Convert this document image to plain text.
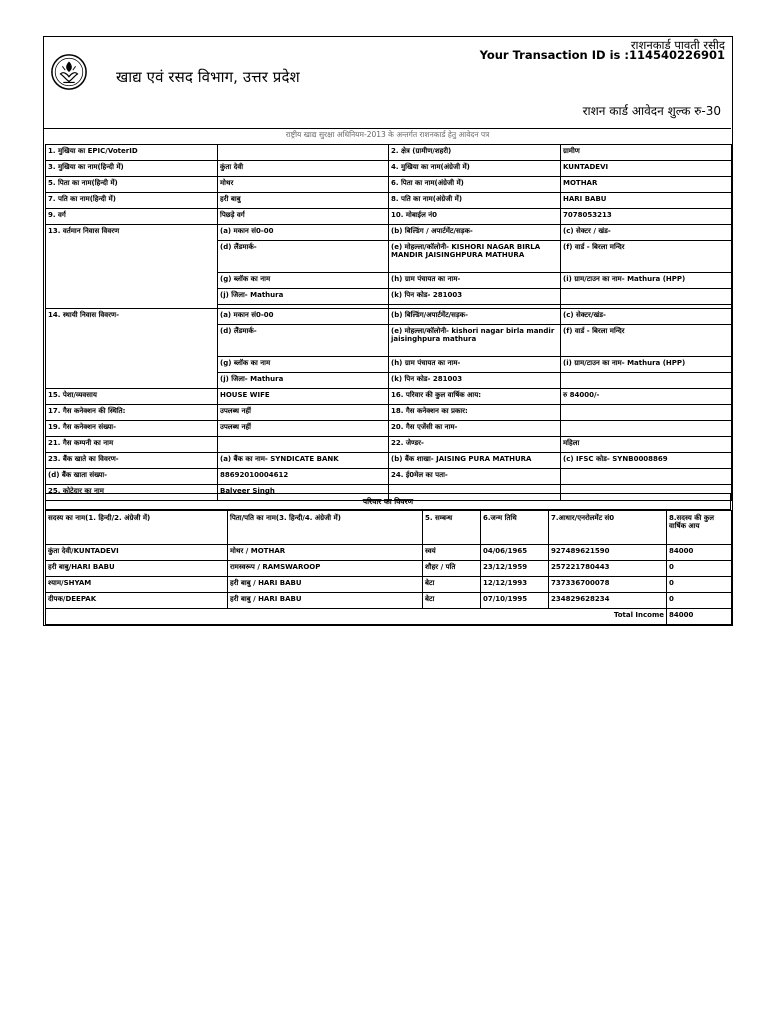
खाद्य एवं रसद विभाग, उत्तर प्रदेश
राशनकार्ड पावती रसीद
Your Transaction ID is :114540226901
राशन कार्ड आवेदन शुल्क रु-30
राष्ट्रीय खाद्य सुरक्षा अधिनियम-2013 के अन्तर्गत राशनकार्ड हेतु आवेदन पत्र
1. मुखिया का EPIC/VoterID		2. क्षेत्र (ग्रामीण/शहरी)	ग्रामीण
3. मुखिया का नाम(हिन्दी में)	कुंता देवी	4. मुखिया का नाम(अंग्रेजी में)	KUNTADEVI
5. पिता का नाम(हिन्दी में)	मोथर	6. पिता का नाम(अंग्रेजी में)	MOTHAR
7. पति का नाम(हिन्दी में)	हरी बाबु	8. पति का नाम(अंग्रेजी में)	HARI BABU
9. वर्ग	पिछड़े वर्ग	10. मोबाईल नं0	7078053213
13. वर्तमान निवास विवरण	(a) मकान सं0-00	(b) बिल्डिंग / अपार्टमेंट/सड़क-	(c) सेक्टर / खंड-
	(d) लैंडमार्क-	(e) मोहल्ला/कॉलोनी- KISHORI NAGAR BIRLA MANDIR JAISINGHPURA MATHURA	(f) वार्ड - बिरला मन्दिर
	(g) ब्लॉक का नाम	(h) ग्राम पंचायत का नाम-	(i) ग्राम/टाउन का नाम- Mathura (HPP)
	(j) जिला- Mathura	(k) पिन कोड- 281003	

14. स्थायी निवास विवरण-	(a) मकान सं0-00	(b) बिल्डिंग/अपार्टमेंट/सड़क-	(c) सेक्टर/खंड-
	(d) लैंडमार्क-	(e) मोहल्ला/कॉलोनी- kishori nagar birla mandir jaisinghpura mathura	(f) वार्ड - बिरला मन्दिर
	(g) ब्लॉक का नाम	(h) ग्राम पंचायत का नाम-	(i) ग्राम/टाउन का नाम- Mathura (HPP)
	(j) जिला- Mathura	(k) पिन कोड- 281003	
15. पेशा/व्यवसाय	HOUSE WIFE	16. परिवार की कुल वार्षिक आय:	रु 84000/-
17. गैस कनेक्शन की स्थिति:	उपलब्ध नहीं	18. गैस कनेक्शन का प्रकार:	
19. गैस कनेक्शन संख्या-	उपलब्ध नहीं	20. गैस एजेंसी का नाम-	
21. गैस कम्पनी का नाम		22. जेण्डर-	महिला
23. बैंक खाते का विवरण-	(a) बैंक का नाम- SYNDICATE BANK	(b) बैंक शाखा- JAISING PURA MATHURA	(c) IFSC कोड- SYNB0008869
(d) बैंक खाता संख्या-	88692010004612	24. ई0मेल का पता-	
25. कोटेदार का नाम	Balveer Singh		
परिवार का विवरण
सदस्य का नाम(1. हिन्दी/2. अंग्रेजी में)	पिता/पति का नाम(3. हिन्दी/4. अंग्रेजी में)	5. सम्बन्ध	6.जन्म तिथि	7.आधार/एनरोलमेंट सं0	8.सदस्य की कुल वार्षिक आय
कुंता देवी/KUNTADEVI	मोथर / MOTHAR	स्वयं	04/06/1965	927489621590	84000
हरी बाबु/HARI BABU	रामस्वरूप / RAMSWAROOP	शौहर / पति	23/12/1959	257221780443	0
श्याम/SHYAM	हरी बाबु / HARI BABU	बेटा	12/12/1993	737336700078	0
दीपक/DEEPAK	हरी बाबु / HARI BABU	बेटा	07/10/1995	234829628234	0
Total Income					84000
